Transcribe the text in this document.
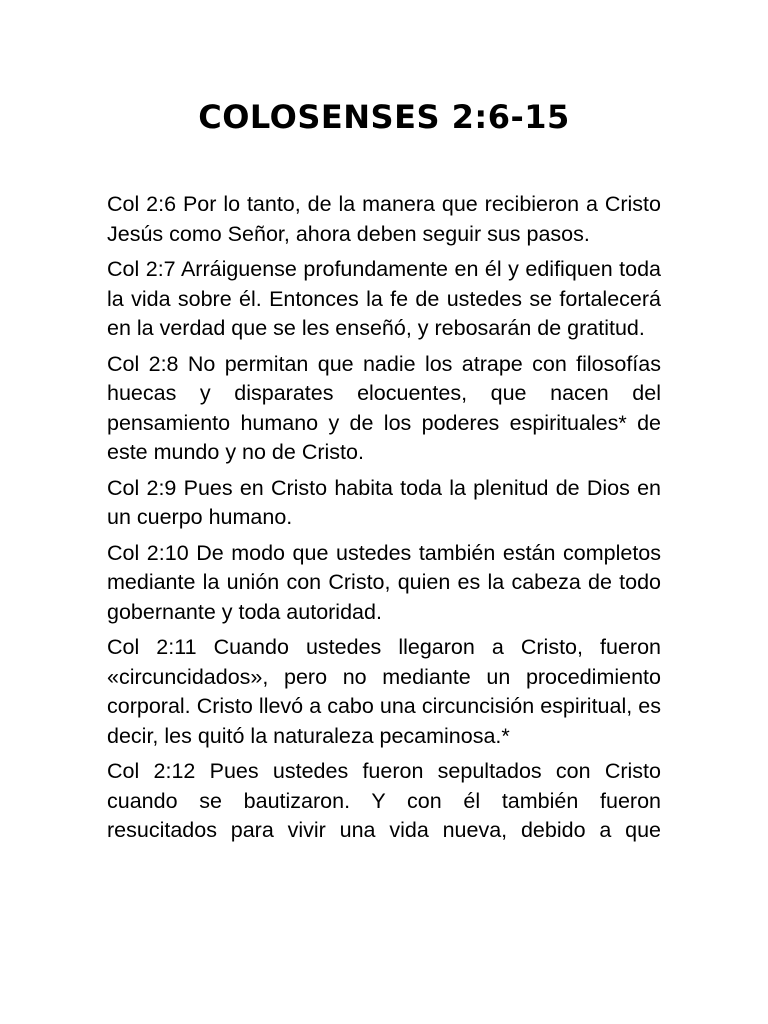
COLOSENSES 2:6-15

Col 2:6 Por lo tanto, de la manera que recibieron a Cristo Jesús como Señor, ahora deben seguir sus pasos.

Col 2:7 Arráiguense profundamente en él y edifiquen toda la vida sobre él. Entonces la fe de ustedes se fortalecerá en la verdad que se les enseñó, y rebosarán de gratitud.

Col 2:8 No permitan que nadie los atrape con filosofías huecas y disparates elocuentes, que nacen del pensamiento humano y de los poderes espirituales* de este mundo y no de Cristo.

Col 2:9 Pues en Cristo habita toda la plenitud de Dios en un cuerpo humano.

Col 2:10 De modo que ustedes también están completos mediante la unión con Cristo, quien es la cabeza de todo gobernante y toda autoridad.

Col 2:11 Cuando ustedes llegaron a Cristo, fueron «circuncidados», pero no mediante un procedimiento corporal. Cristo llevó a cabo una circuncisión espiritual, es decir, les quitó la naturaleza pecaminosa.*

Col 2:12 Pues ustedes fueron sepultados con Cristo cuando se bautizaron. Y con él también fueron resucitados para vivir una vida nueva, debido a que
